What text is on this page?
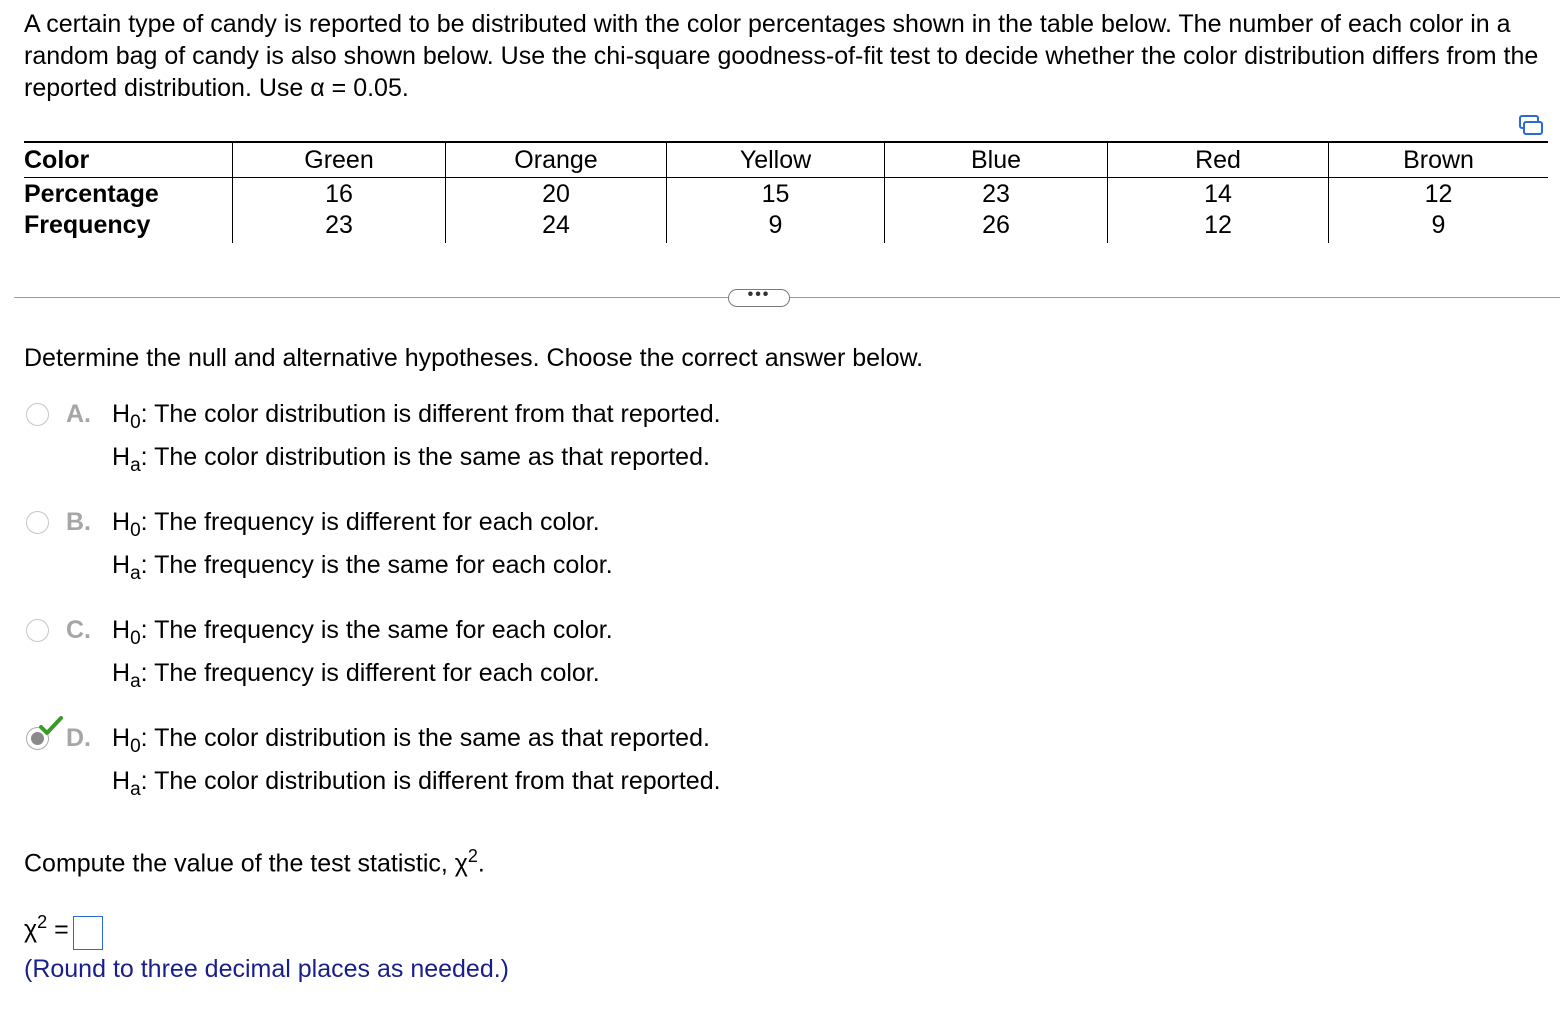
A certain type of candy is reported to be distributed with the color percentages shown in the table below. The number of each color in a random bag of candy is also shown below. Use the chi-square goodness-of-fit test to decide whether the color distribution differs from the reported distribution. Use α = 0.05.
Color	Green	Orange	Yellow	Blue	Red	Brown
Percentage	16	20	15	23	14	12
Frequency	23	24	9	26	12	9
•••
Determine the null and alternative hypotheses. Choose the correct answer below.
A. $H_0$: The color distribution is different from that reported.
$H_a$: The color distribution is the same as that reported.
B. $H_0$: The frequency is different for each color.
$H_a$: The frequency is the same for each color.
C. $H_0$: The frequency is the same for each color.
$H_a$: The frequency is different for each color.
D. $H_0$: The color distribution is the same as that reported.
$H_a$: The color distribution is different from that reported.
Compute the value of the test statistic, $\chi^2$.
$\chi^2$ =
(Round to three decimal places as needed.)
